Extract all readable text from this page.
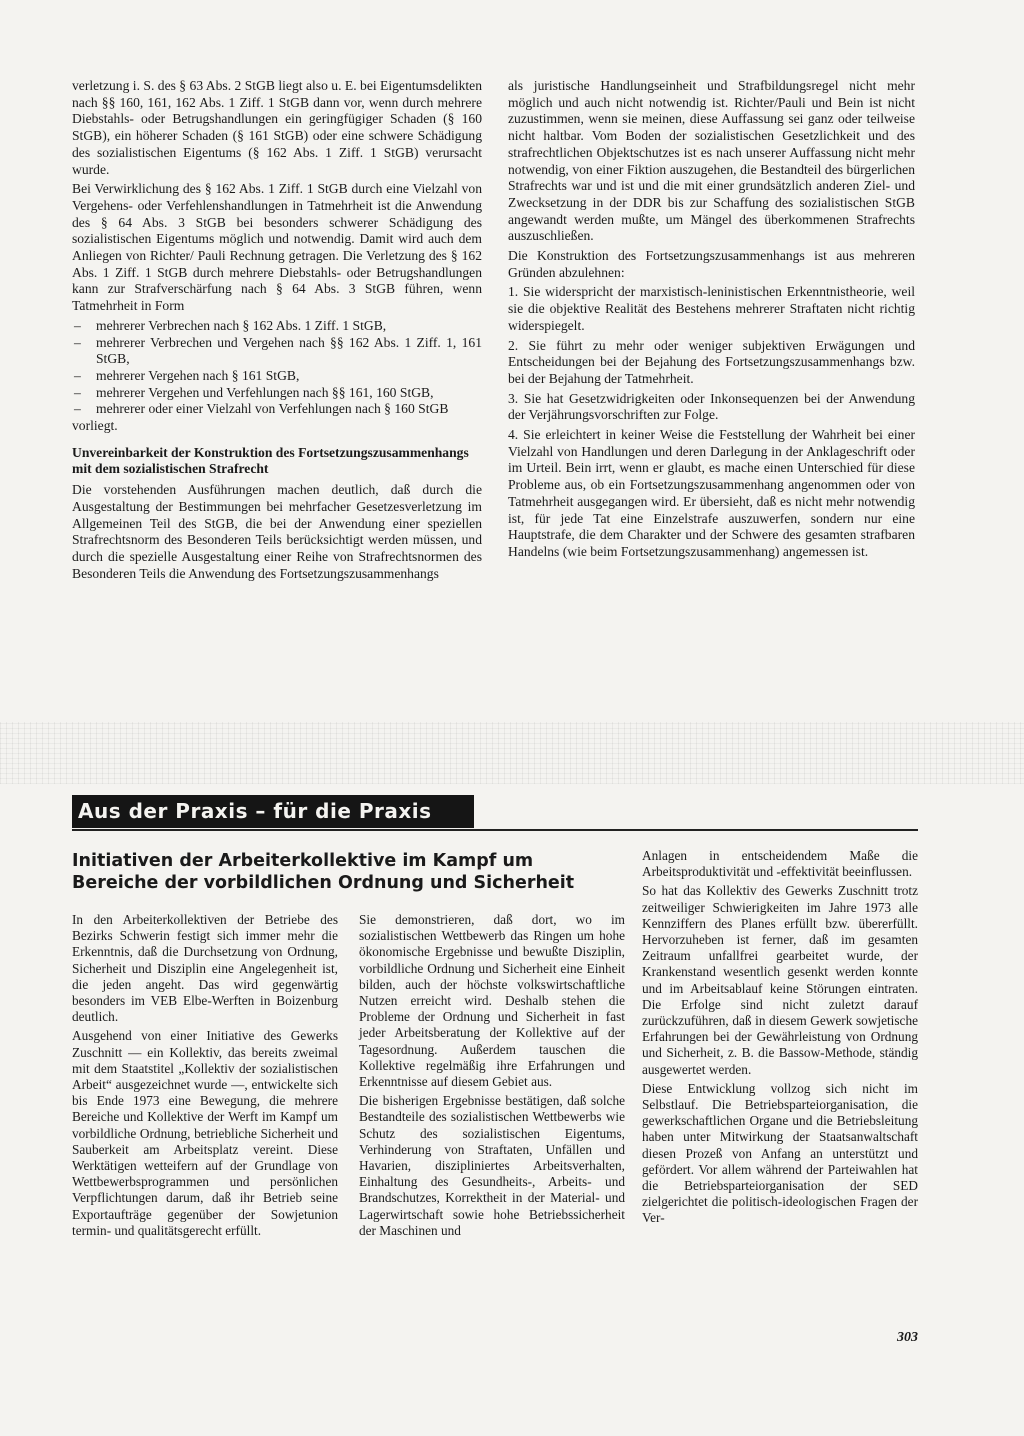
verletzung i. S. des § 63 Abs. 2 StGB liegt also u. E. bei Eigentumsdelikten nach §§ 160, 161, 162 Abs. 1 Ziff. 1 StGB dann vor, wenn durch mehrere Diebstahls- oder Betrugshandlungen ein geringfügiger Schaden (§ 160 StGB), ein höherer Schaden (§ 161 StGB) oder eine schwere Schädigung des sozialistischen Eigentums (§ 162 Abs. 1 Ziff. 1 StGB) verursacht wurde.

Bei Verwirklichung des § 162 Abs. 1 Ziff. 1 StGB durch eine Vielzahl von Vergehens- oder Verfehlenshandlungen in Tatmehrheit ist die Anwendung des § 64 Abs. 3 StGB bei besonders schwerer Schädigung des sozialistischen Eigentums möglich und notwendig. Damit wird auch dem Anliegen von Richter/ Pauli Rechnung getragen. Die Verletzung des § 162 Abs. 1 Ziff. 1 StGB durch mehrere Diebstahls- oder Betrugshandlungen kann zur Strafverschärfung nach § 64 Abs. 3 StGB führen, wenn Tatmehrheit in Form

– mehrerer Verbrechen nach § 162 Abs. 1 Ziff. 1 StGB,
– mehrerer Verbrechen und Vergehen nach §§ 162 Abs. 1 Ziff. 1, 161 StGB,
– mehrerer Vergehen nach § 161 StGB,
– mehrerer Vergehen und Verfehlungen nach §§ 161, 160 StGB,
– mehrerer oder einer Vielzahl von Verfehlungen nach § 160 StGB

vorliegt.

Unvereinbarkeit der Konstruktion des Fortsetzungszusammenhangs mit dem sozialistischen Strafrecht

Die vorstehenden Ausführungen machen deutlich, daß durch die Ausgestaltung der Bestimmungen bei mehrfacher Gesetzesverletzung im Allgemeinen Teil des StGB, die bei der Anwendung einer speziellen Strafrechtsnorm des Besonderen Teils berücksichtigt werden müssen, und durch die spezielle Ausgestaltung einer Reihe von Strafrechtsnormen des Besonderen Teils die Anwendung des Fortsetzungszusammenhangs

als juristische Handlungseinheit und Strafbildungsregel nicht mehr möglich und auch nicht notwendig ist. Richter/Pauli und Bein ist nicht zuzustimmen, wenn sie meinen, diese Auffassung sei ganz oder teilweise nicht haltbar. Vom Boden der sozialistischen Gesetzlichkeit und des strafrechtlichen Objektschutzes ist es nach unserer Auffassung nicht mehr notwendig, von einer Fiktion auszugehen, die Bestandteil des bürgerlichen Strafrechts war und ist und die mit einer grundsätzlich anderen Ziel- und Zwecksetzung in der DDR bis zur Schaffung des sozialistischen StGB angewandt werden mußte, um Mängel des überkommenen Strafrechts auszuschließen.

Die Konstruktion des Fortsetzungszusammenhangs ist aus mehreren Gründen abzulehnen:

1. Sie widerspricht der marxistisch-leninistischen Erkenntnistheorie, weil sie die objektive Realität des Bestehens mehrerer Straftaten nicht richtig widerspiegelt.

2. Sie führt zu mehr oder weniger subjektiven Erwägungen und Entscheidungen bei der Bejahung des Fortsetzungszusammenhangs bzw. bei der Bejahung der Tatmehrheit.

3. Sie hat Gesetzwidrigkeiten oder Inkonsequenzen bei der Anwendung der Verjährungsvorschriften zur Folge.

4. Sie erleichtert in keiner Weise die Feststellung der Wahrheit bei einer Vielzahl von Handlungen und deren Darlegung in der Anklageschrift oder im Urteil. Bein irrt, wenn er glaubt, es mache einen Unterschied für diese Probleme aus, ob ein Fortsetzungszusammenhang angenommen oder von Tatmehrheit ausgegangen wird. Er übersieht, daß es nicht mehr notwendig ist, für jede Tat eine Einzelstrafe auszuwerfen, sondern nur eine Hauptstrafe, die dem Charakter und der Schwere des gesamten strafbaren Handelns (wie beim Fortsetzungszusammenhang) angemessen ist.

Aus der Praxis – für die Praxis
Initiativen der Arbeiterkollektive im Kampf um Bereiche der vorbildlichen Ordnung und Sicherheit

In den Arbeiterkollektiven der Betriebe des Bezirks Schwerin festigt sich immer mehr die Erkenntnis, daß die Durchsetzung von Ordnung, Sicherheit und Disziplin eine Angelegenheit ist, die jeden angeht. Das wird gegenwärtig besonders im VEB Elbe-Werften in Boizenburg deutlich.

Ausgehend von einer Initiative des Gewerks Zuschnitt — ein Kollektiv, das bereits zweimal mit dem Staatstitel „Kollektiv der sozialistischen Arbeit“ ausgezeichnet wurde —, entwickelte sich bis Ende 1973 eine Bewegung, die mehrere Bereiche und Kollektive der Werft im Kampf um vorbildliche Ordnung, betriebliche Sicherheit und Sauberkeit am Arbeitsplatz vereint. Diese Werktätigen wetteifern auf der Grundlage von Wettbewerbsprogrammen und persönlichen Verpflichtungen darum, daß ihr Betrieb seine Exportaufträge gegenüber der Sowjetunion termin- und qualitätsgerecht erfüllt.

Sie demonstrieren, daß dort, wo im sozialistischen Wettbewerb das Ringen um hohe ökonomische Ergebnisse und bewußte Disziplin, vorbildliche Ordnung und Sicherheit eine Einheit bilden, auch der höchste volkswirtschaftliche Nutzen erreicht wird. Deshalb stehen die Probleme der Ordnung und Sicherheit in fast jeder Arbeitsberatung der Kollektive auf der Tagesordnung. Außerdem tauschen die Kollektive regelmäßig ihre Erfahrungen und Erkenntnisse auf diesem Gebiet aus.

Die bisherigen Ergebnisse bestätigen, daß solche Bestandteile des sozialistischen Wettbewerbs wie Schutz des sozialistischen Eigentums, Verhinderung von Straftaten, Unfällen und Havarien, diszipliniertes Arbeitsverhalten, Einhaltung des Gesundheits-, Arbeits- und Brandschutzes, Korrektheit in der Material- und Lagerwirtschaft sowie hohe Betriebssicherheit der Maschinen und

Anlagen in entscheidendem Maße die Arbeitsproduktivität und -effektivität beeinflussen.

So hat das Kollektiv des Gewerks Zuschnitt trotz zeitweiliger Schwierigkeiten im Jahre 1973 alle Kennziffern des Planes erfüllt bzw. übererfüllt. Hervorzuheben ist ferner, daß im gesamten Zeitraum unfallfrei gearbeitet wurde, der Krankenstand wesentlich gesenkt werden konnte und im Arbeitsablauf keine Störungen eintraten. Die Erfolge sind nicht zuletzt darauf zurückzuführen, daß in diesem Gewerk sowjetische Erfahrungen bei der Gewährleistung von Ordnung und Sicherheit, z. B. die Bassow-Methode, ständig ausgewertet werden.

Diese Entwicklung vollzog sich nicht im Selbstlauf. Die Betriebsparteiorganisation, die gewerkschaftlichen Organe und die Betriebsleitung haben unter Mitwirkung der Staatsanwaltschaft diesen Prozeß von Anfang an unterstützt und gefördert. Vor allem während der Parteiwahlen hat die Betriebsparteiorganisation der SED zielgerichtet die politisch-ideologischen Fragen der Ver-

303
